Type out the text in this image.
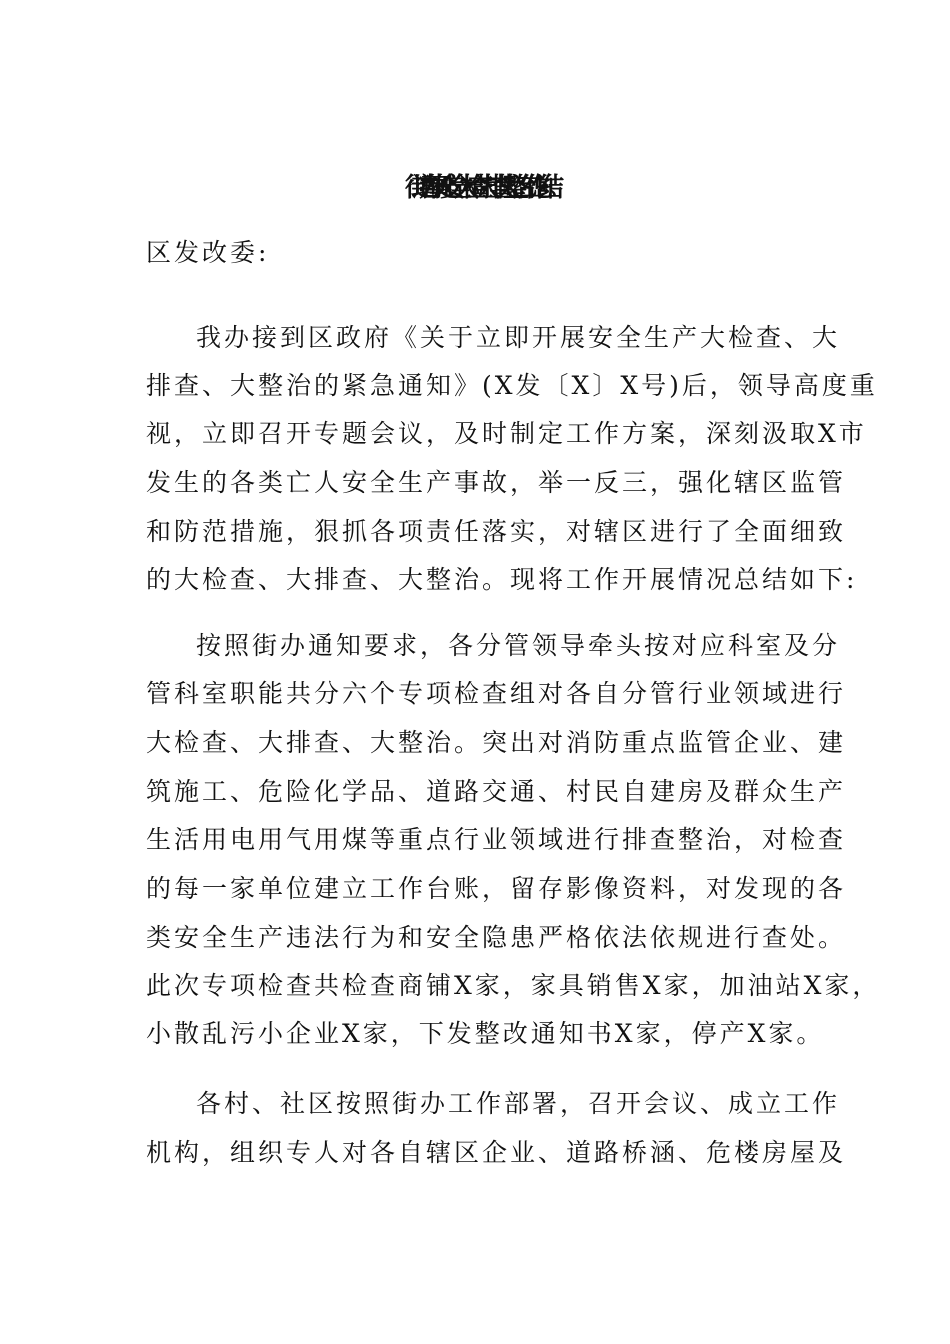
街道办事处安全大检查大排查大整治工作总结
区发改委:
我办接到区政府《关于立即开展安全生产大检查、大
排查、大整治的紧急通知》(X发〔X〕X号)后，领导高度重
视，立即召开专题会议，及时制定工作方案，深刻汲取X市
发生的各类亡人安全生产事故，举一反三，强化辖区监管
和防范措施，狠抓各项责任落实，对辖区进行了全面细致
的大检查、大排查、大整治。现将工作开展情况总结如下:
按照街办通知要求，各分管领导牵头按对应科室及分
管科室职能共分六个专项检查组对各自分管行业领域进行
大检查、大排查、大整治。突出对消防重点监管企业、建
筑施工、危险化学品、道路交通、村民自建房及群众生产
生活用电用气用煤等重点行业领域进行排查整治，对检查
的每一家单位建立工作台账，留存影像资料，对发现的各
类安全生产违法行为和安全隐患严格依法依规进行查处。
此次专项检查共检查商铺X家，家具销售X家，加油站X家，
小散乱污小企业X家，下发整改通知书X家，停产X家。
各村、社区按照街办工作部署，召开会议、成立工作
机构，组织专人对各自辖区企业、道路桥涵、危楼房屋及
